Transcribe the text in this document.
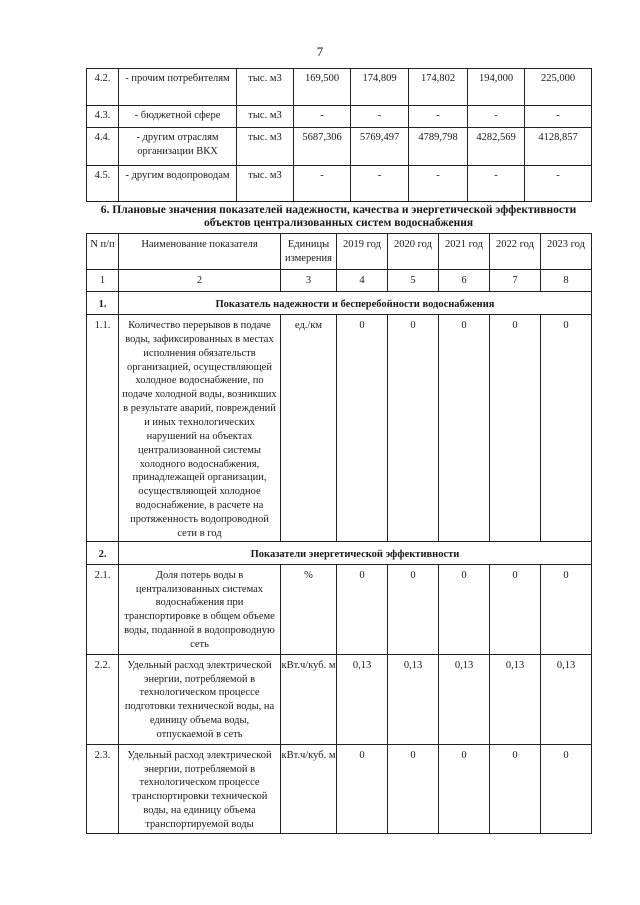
7
4.2.	- прочим потребителям	тыс. м3	169,500	174,809	174,802	194,000	225,000
4.3.	- бюджетной сфере	тыс. м3	-	-	-	-	-
4.4.	- другим отраслям организации ВКХ	тыс. м3	5687,306	5769,497	4789,798	4282,569	4128,857
4.5.	- другим водопроводам	тыс. м3	-	-	-	-	-
6. Плановые значения показателей надежности, качества и энергетической эффективности объектов централизованных систем водоснабжения
N п/п	Наименование показателя	Единицы измерения	2019 год	2020 год	2021 год	2022 год	2023 год
1	2	3	4	5	6	7	8
1.	Показатель надежности и бесперебойности водоснабжения						
1.1.	Количество перерывов в подаче воды, зафиксированных в местах исполнения обязательств организацией, осуществляющей холодное водоснабжение, по подаче холодной воды, возникших в результате аварий, повреждений и иных технологических нарушений на объектах централизованной системы холодного водоснабжения, принадлежащей организации, осуществляющей холодное водоснабжение, в расчете на протяженность водопроводной сети в год	ед./км	0	0	0	0	0
2.	Показатели энергетической эффективности						
2.1.	Доля потерь воды в централизованных системах водоснабжения при транспортировке в общем объеме воды, поданной в водопроводную сеть	%	0	0	0	0	0
2.2.	Удельный расход электрической энергии, потребляемой в технологическом процессе подготовки технической воды, на единицу объема воды, отпускаемой в сеть	кВт.ч/куб. м	0,13	0,13	0,13	0,13	0,13
2.3.	Удельный расход электрической энергии, потребляемой в технологическом процессе транспортировки технической воды, на единицу объема транспортируемой воды	кВт.ч/куб. м	0	0	0	0	0
